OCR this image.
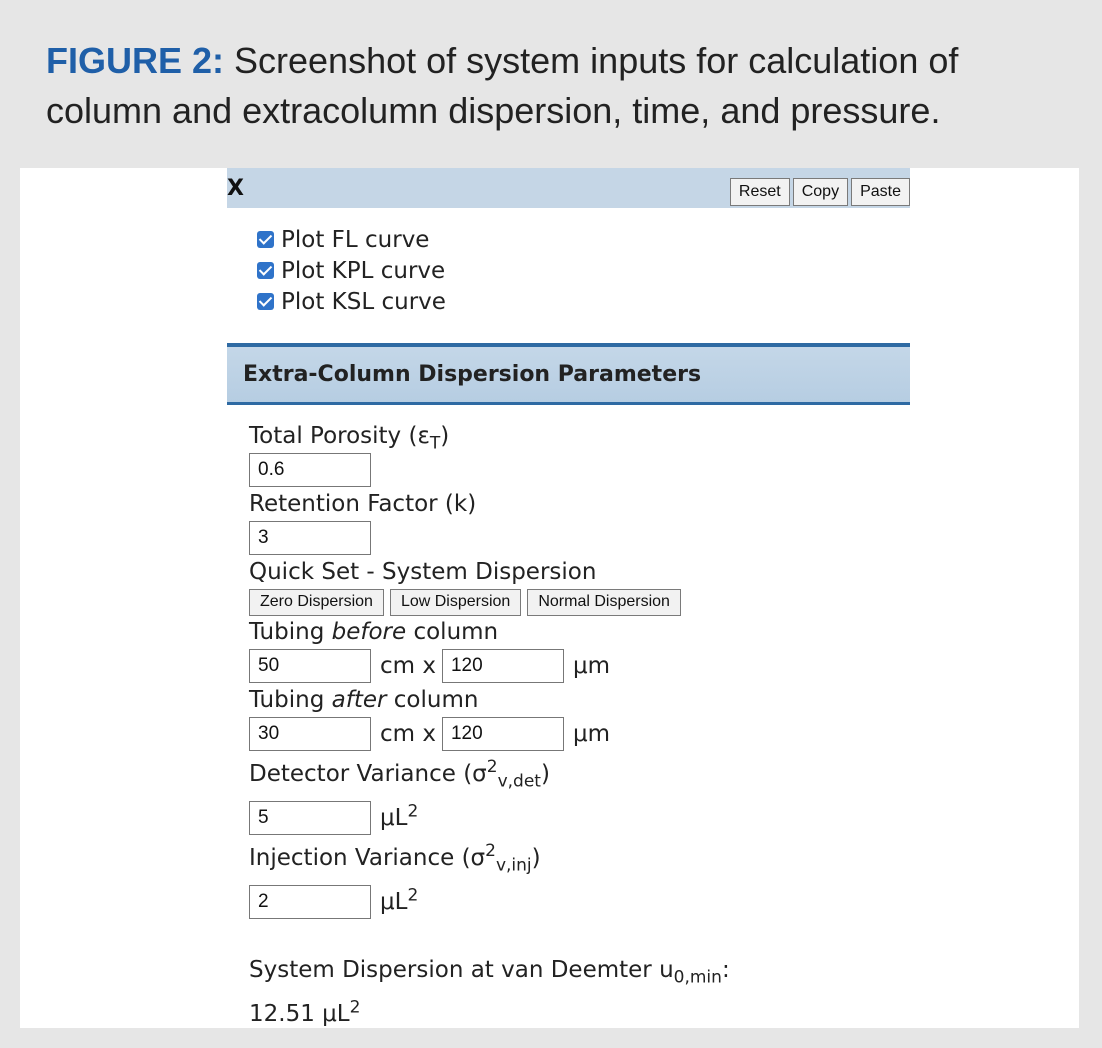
FIGURE 2: Screenshot of system inputs for calculation of column and extracolumn dispersion, time, and pressure.
X	Reset	Copy	Paste
Plot FL curve
Plot KPL curve
Plot KSL curve
Extra-Column Dispersion Parameters
Total Porosity $(\varepsilon_T)$
0.6
Retention Factor (k)
3
Quick Set - System Dispersion
Zero Dispersion	Low Dispersion	Normal Dispersion
Tubing before column
50	cm x 120	μm
Tubing after column
30	cm x 120	μm
Detector Variance $(\sigma^2_{v,det})$
5	$\mu L^2$
Injection Variance $(\sigma^2_{v,inj})$
2	$\mu L^2$
System Dispersion at van Deemter $u_{0,min}$:
12.51 $\mu L^2$
